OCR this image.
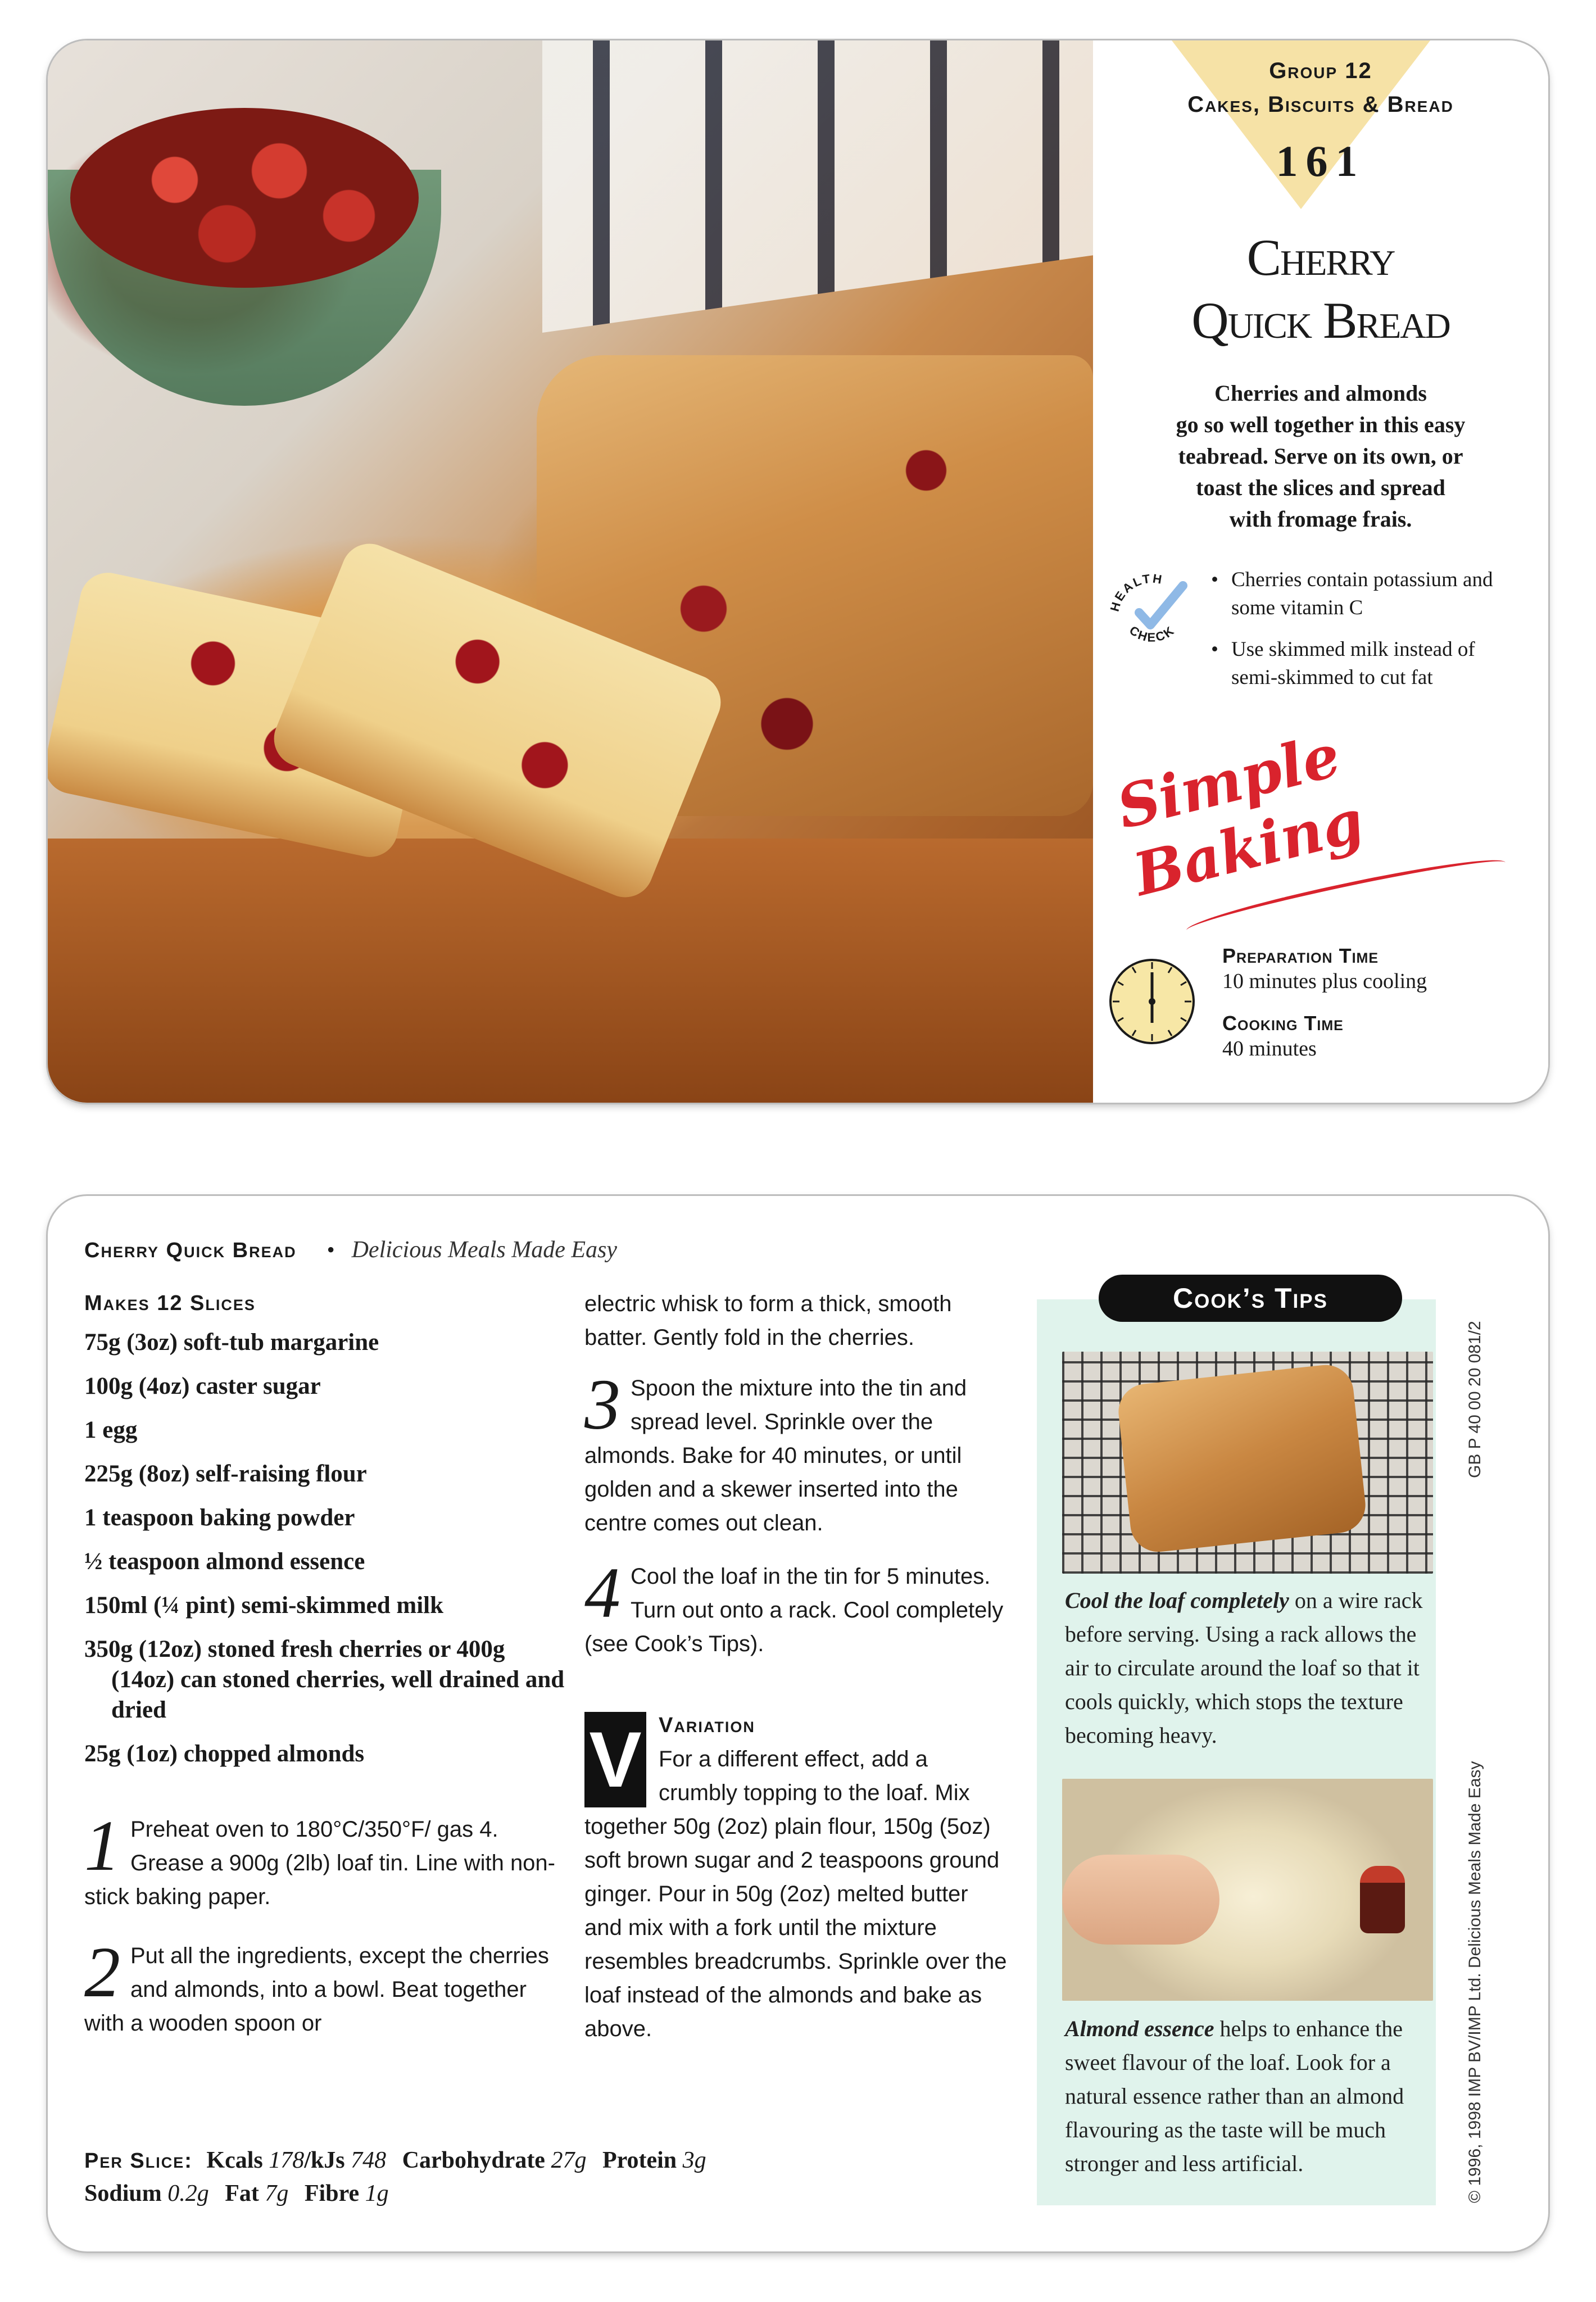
Group 12
Cakes, Biscuits & Bread
161
Cherry
Quick Bread
Cherries and almonds
go so well together in this easy
teabread. Serve on its own, or
toast the slices and spread
with fromage frais.
HEALTH
CHECK
• Cherries contain potassium and some vitamin C
• Use skimmed milk instead of semi-skimmed to cut fat
Simple Baking
Preparation Time
10 minutes plus cooling
Cooking Time
40 minutes
Cherry Quick Bread • Delicious Meals Made Easy
Makes 12 Slices
75g (3oz) soft-tub margarine
100g (4oz) caster sugar
1 egg
225g (8oz) self-raising flour
1 teaspoon baking powder
½ teaspoon almond essence
150ml (¼ pint) semi-skimmed milk
350g (12oz) stoned fresh cherries or 400g (14oz) can stoned cherries, well drained and dried
25g (1oz) chopped almonds
1 Preheat oven to 180°C/350°F/ gas 4. Grease a 900g (2lb) loaf tin. Line with non-stick baking paper.
2 Put all the ingredients, except the cherries and almonds, into a bowl. Beat together with a wooden spoon or
electric whisk to form a thick, smooth batter. Gently fold in the cherries.
3 Spoon the mixture into the tin and spread level. Sprinkle over the almonds. Bake for 40 minutes, or until golden and a skewer inserted into the centre comes out clean.
4 Cool the loaf in the tin for 5 minutes. Turn out onto a rack. Cool completely (see Cook’s Tips).
V Variation
For a different effect, add a crumbly topping to the loaf. Mix together 50g (2oz) plain flour, 150g (5oz) soft brown sugar and 2 teaspoons ground ginger. Pour in 50g (2oz) melted butter and mix with a fork until the mixture resembles breadcrumbs. Sprinkle over the loaf instead of the almonds and bake as above.
Per Slice: Kcals 178/kJs 748 Carbohydrate 27g Protein 3g
Sodium 0.2g Fat 7g Fibre 1g
Cook’s Tips
Cool the loaf completely on a wire rack before serving. Using a rack allows the air to circulate around the loaf so that it cools quickly, which stops the texture becoming heavy.
Almond essence helps to enhance the sweet flavour of the loaf. Look for a natural essence rather than an almond flavouring as the taste will be much stronger and less artificial.
GB P 40 00 20 081/2
© 1996, 1998 IMP BV/IMP Ltd. Delicious Meals Made Easy
